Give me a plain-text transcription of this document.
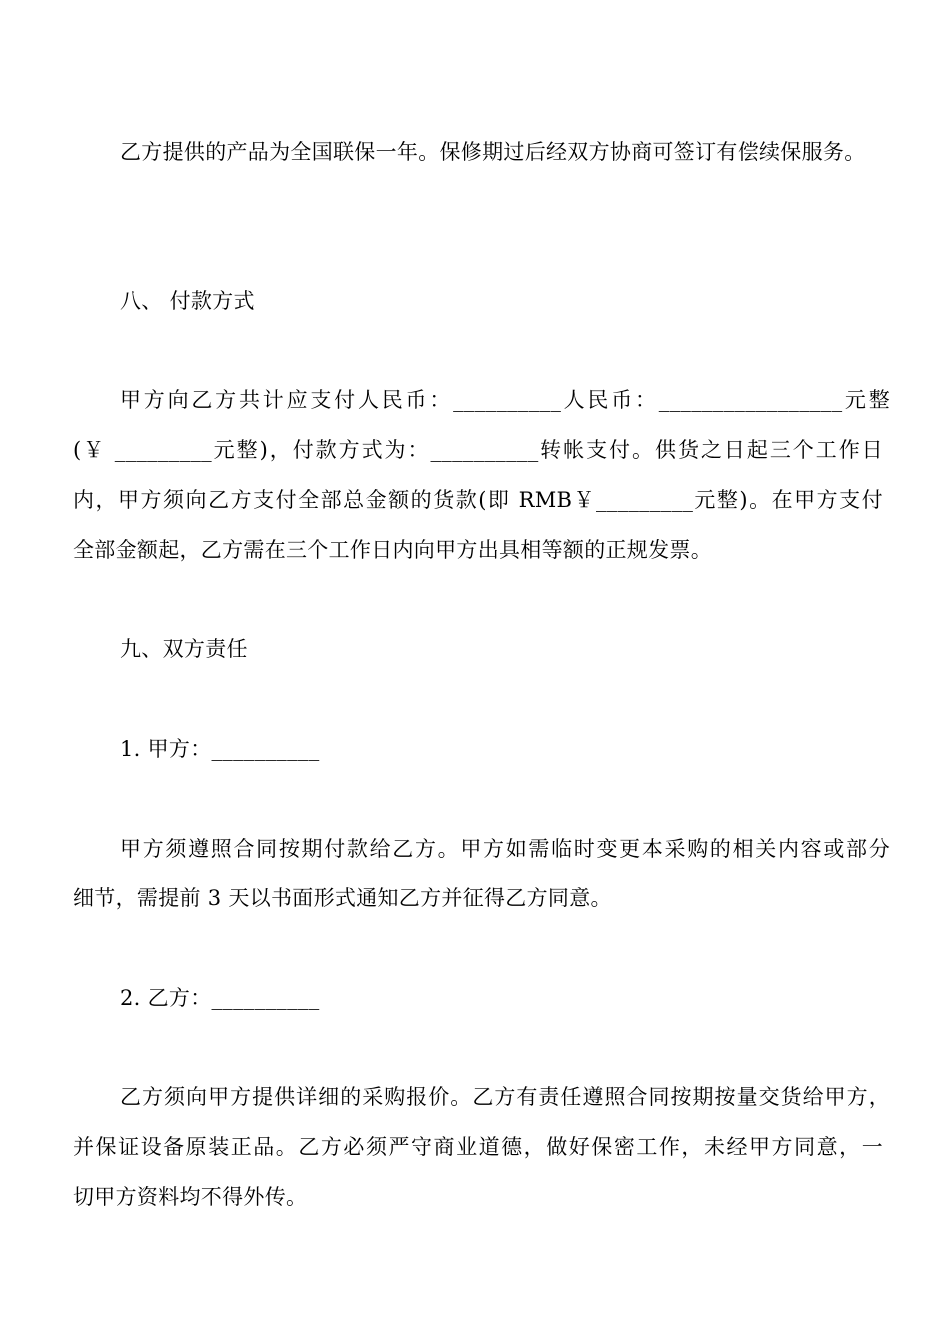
乙方提供的产品为全国联保一年。保修期过后经双方协商可签订有偿续保服务。
八、 付款方式
甲方向乙方共计应支付人民币：__________人民币：_________________元整
(￥ _________元整)，付款方式为：__________转帐支付。供货之日起三个工作日
内，甲方须向乙方支付全部总金额的货款(即 RMB￥_________元整)。在甲方支付
全部金额起，乙方需在三个工作日内向甲方出具相等额的正规发票。
九、双方责任
1. 甲方：__________
甲方须遵照合同按期付款给乙方。甲方如需临时变更本采购的相关内容或部分
细节，需提前 3 天以书面形式通知乙方并征得乙方同意。
2. 乙方：__________
乙方须向甲方提供详细的采购报价。乙方有责任遵照合同按期按量交货给甲方，
并保证设备原装正品。乙方必须严守商业道德，做好保密工作，未经甲方同意，一
切甲方资料均不得外传。
